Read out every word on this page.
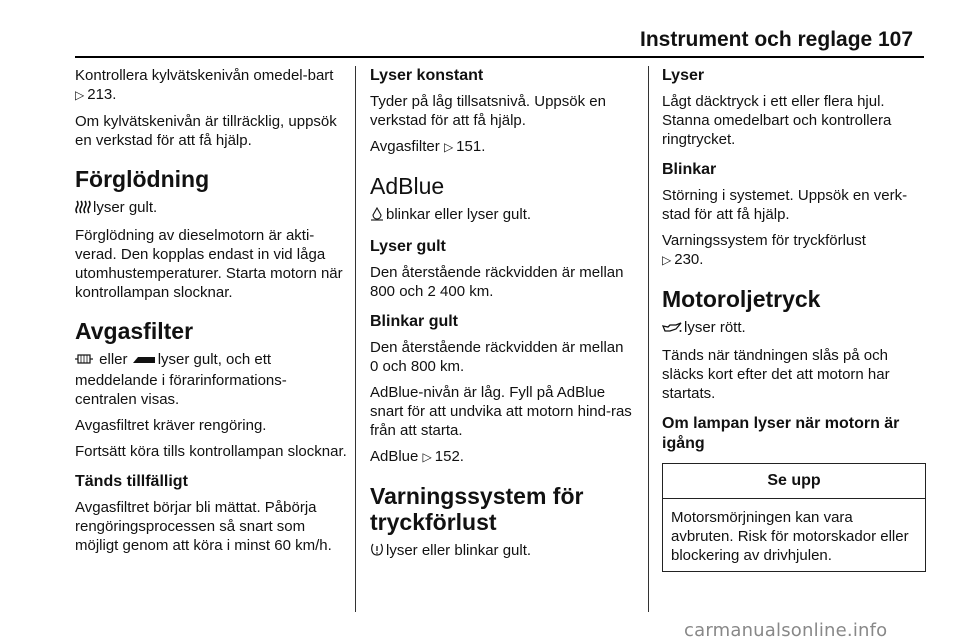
Instrument och reglage 107

Kontrollera kylvätskenivån omedel-bart
▷ 213.

Om kylvätskenivån är tillräcklig, uppsök en verkstad för att få hjälp.

Förglödning

lyser gult.

Förglödning av dieselmotorn är akti-verad. Den kopplas endast in vid låga utomhustemperaturer. Starta motorn när kontrollampan slocknar.

Avgasfilter

eller lyser gult, och ett meddelande i förarinformations-centralen visas.

Avgasfiltret kräver rengöring.

Fortsätt köra tills kontrollampan slocknar.

Tänds tillfälligt

Avgasfiltret börjar bli mättat. Påbörja rengöringsprocessen så snart som möjligt genom att köra i minst 60 km/h.

Lyser konstant

Tyder på låg tillsatsnivå. Uppsök en verkstad för att få hjälp.

Avgasfilter ▷ 151.

AdBlue

blinkar eller lyser gult.

Lyser gult

Den återstående räckvidden är mellan 800 och 2 400 km.

Blinkar gult

Den återstående räckvidden är mellan 0 och 800 km.

AdBlue-nivån är låg. Fyll på AdBlue snart för att undvika att motorn hind-ras från att starta.

AdBlue ▷ 152.

Varningssystem för tryckförlust

lyser eller blinkar gult.

Lyser

Lågt däcktryck i ett eller flera hjul. Stanna omedelbart och kontrollera ringtrycket.

Blinkar

Störning i systemet. Uppsök en verk-stad för att få hjälp.

Varningssystem för tryckförlust
▷ 230.

Motoroljetryck

lyser rött.

Tänds när tändningen slås på och släcks kort efter det att motorn har startats.

Om lampan lyser när motorn är igång
Se upp
Motorsmörjningen kan vara avbruten. Risk för motorskador eller blockering av drivhjulen.
carmanualsonline.info
